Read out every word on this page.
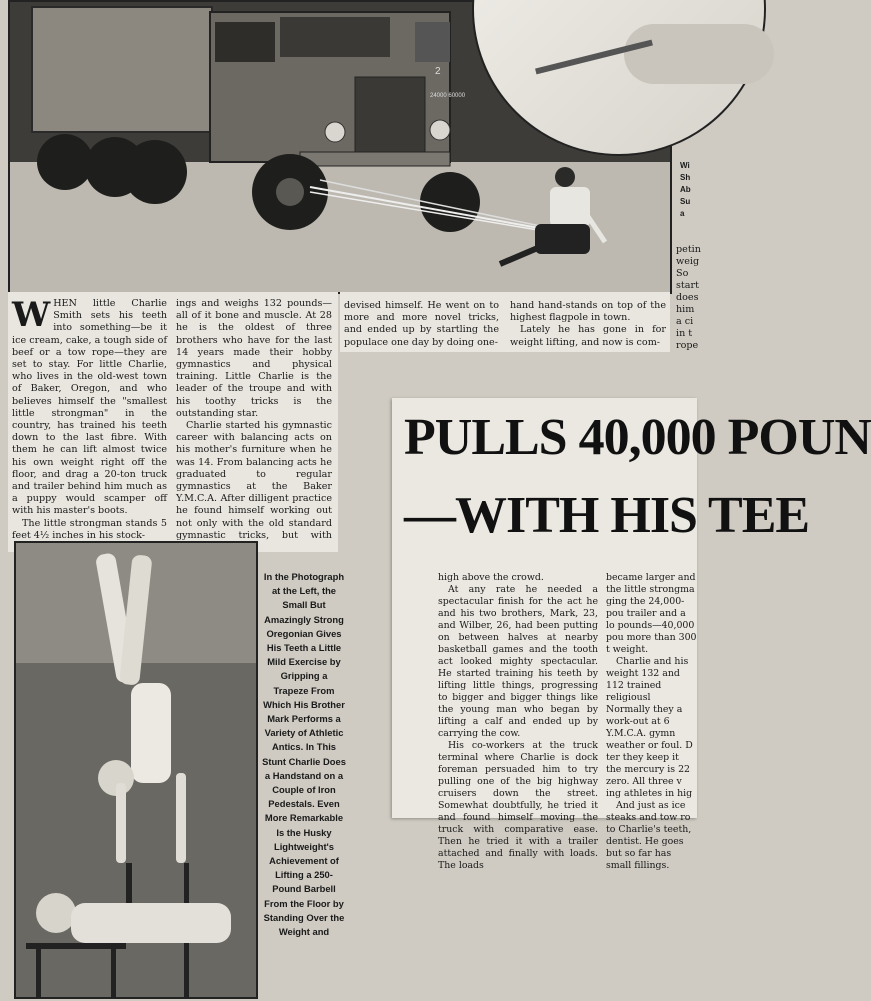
2
24000 60000
Wi
Sh
Ab
Su
a
W HEN little Charlie Smith sets his teeth into something—be it ice cream, cake, a tough side of beef or a tow rope—they are set to stay. For little Charlie, who lives in the old-west town of Baker, Oregon, and who believes himself the "smallest little strongman" in the country, has trained his teeth down to the last fibre. With them he can lift almost twice his own weight right off the floor, and drag a 20-ton truck and trailer behind him much as a puppy would scamper off with his master's boots.

The little strongman stands 5 feet 4½ inches in his stock-

ings and weighs 132 pounds—all of it bone and muscle. At 28 he is the oldest of three brothers who have for the last 14 years made their hobby gymnastics and physical training. Little Charlie is the leader of the troupe and with his toothy tricks is the outstanding star.

Charlie started his gymnastic career with balancing acts on his mother's furniture when he was 14. From balancing acts he graduated to regular gymnastics at the Baker Y.M.C.A. After dilligent practice he found himself working out not only with the old standard gymnastic tricks, but with

devised himself. He went on to more and more novel tricks, and ended up by startling the populace one day by doing one-

hand hand-stands on top of the highest flagpole in town.

Lately he has gone in for weight lifting, and now is com-

petin
weig
So
start
does
him
a ci
in t
rope
PULLS 40,000 POUN
—WITH HIS TEE

high above the crowd.

At any rate he needed a spectacular finish for the act he and his two brothers, Mark, 23, and Wilber, 26, had been putting on between halves at nearby basketball games and the tooth act looked mighty spectacular. He started training his teeth by lifting little things, progressing to bigger and bigger things like the young man who began by lifting a calf and ended up by carrying the cow.

His co-workers at the truck terminal where Charlie is dock foreman persuaded him to try pulling one of the big highway cruisers down the street. Somewhat doubtfully, he tried it and found himself moving the truck with comparative ease. Then he tried it with a trailer attached and finally with loads. The loads

became larger and the little strongma ging the 24,000-pou trailer and a lo pounds—40,000 pou more than 300 t weight.

Charlie and his weight 132 and 112 trained religiousl Normally they a work-out at 6 Y.M.C.A. gymn weather or foul. D ter they keep it the mercury is 22 zero. All three v ing athletes in hig

And just as ice steaks and tow ro to Charlie's teeth, dentist. He goes but so far has small fillings.

In the Photograph at the Left, the Small But Amazingly Strong Oregonian Gives His Teeth a Little Mild Exercise by Gripping a Trapeze From Which His Brother Mark Performs a Variety of Athletic Antics. In This Stunt Charlie Does a Handstand on a Couple of Iron Pedestals. Even More Remarkable Is the Husky Lightweight's Achievement of Lifting a 250-Pound Barbell From the Floor by Standing Over the Weight and
